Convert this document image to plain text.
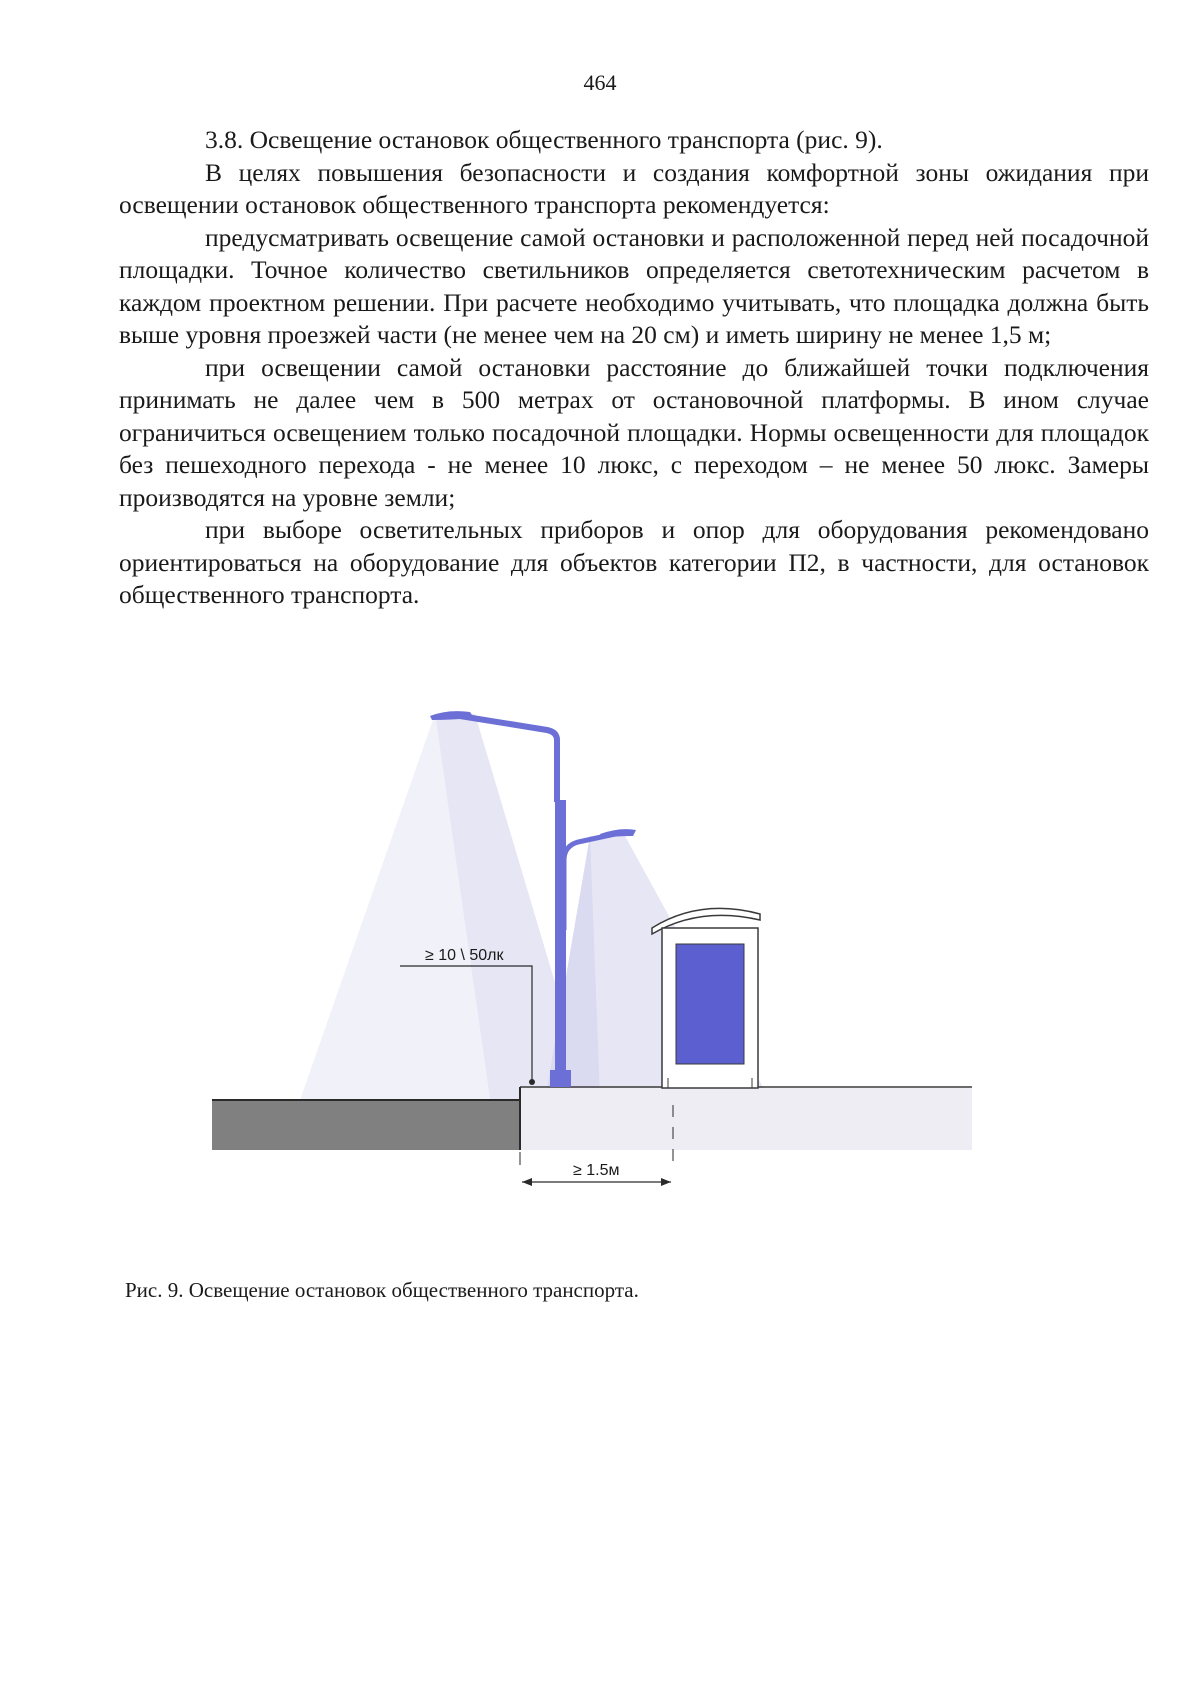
464

3.8. Освещение остановок общественного транспорта (рис. 9).

В целях повышения безопасности и создания комфортной зоны ожидания при освещении остановок общественного транспорта рекомендуется:

предусматривать освещение самой остановки и расположенной перед ней посадочной площадки. Точное количество светильников определяется светотехническим расчетом в каждом проектном решении. При расчете необходимо учитывать, что площадка должна быть выше уровня проезжей части (не менее чем на 20 см) и иметь ширину не менее 1,5 м;

при освещении самой остановки расстояние до ближайшей точки подключения принимать не далее чем в 500 метрах от остановочной платформы. В ином случае ограничиться освещением только посадочной площадки. Нормы освещенности для площадок без пешеходного перехода - не менее 10 люкс, с переходом – не менее 50 люкс. Замеры производятся на уровне земли;

при выборе осветительных приборов и опор для оборудования рекомендовано ориентироваться на оборудование для объектов категории П2, в частности, для остановок общественного транспорта.

≥ 10 \ 50лк
≥ 1.5м
Рис. 9. Освещение остановок общественного транспорта.
